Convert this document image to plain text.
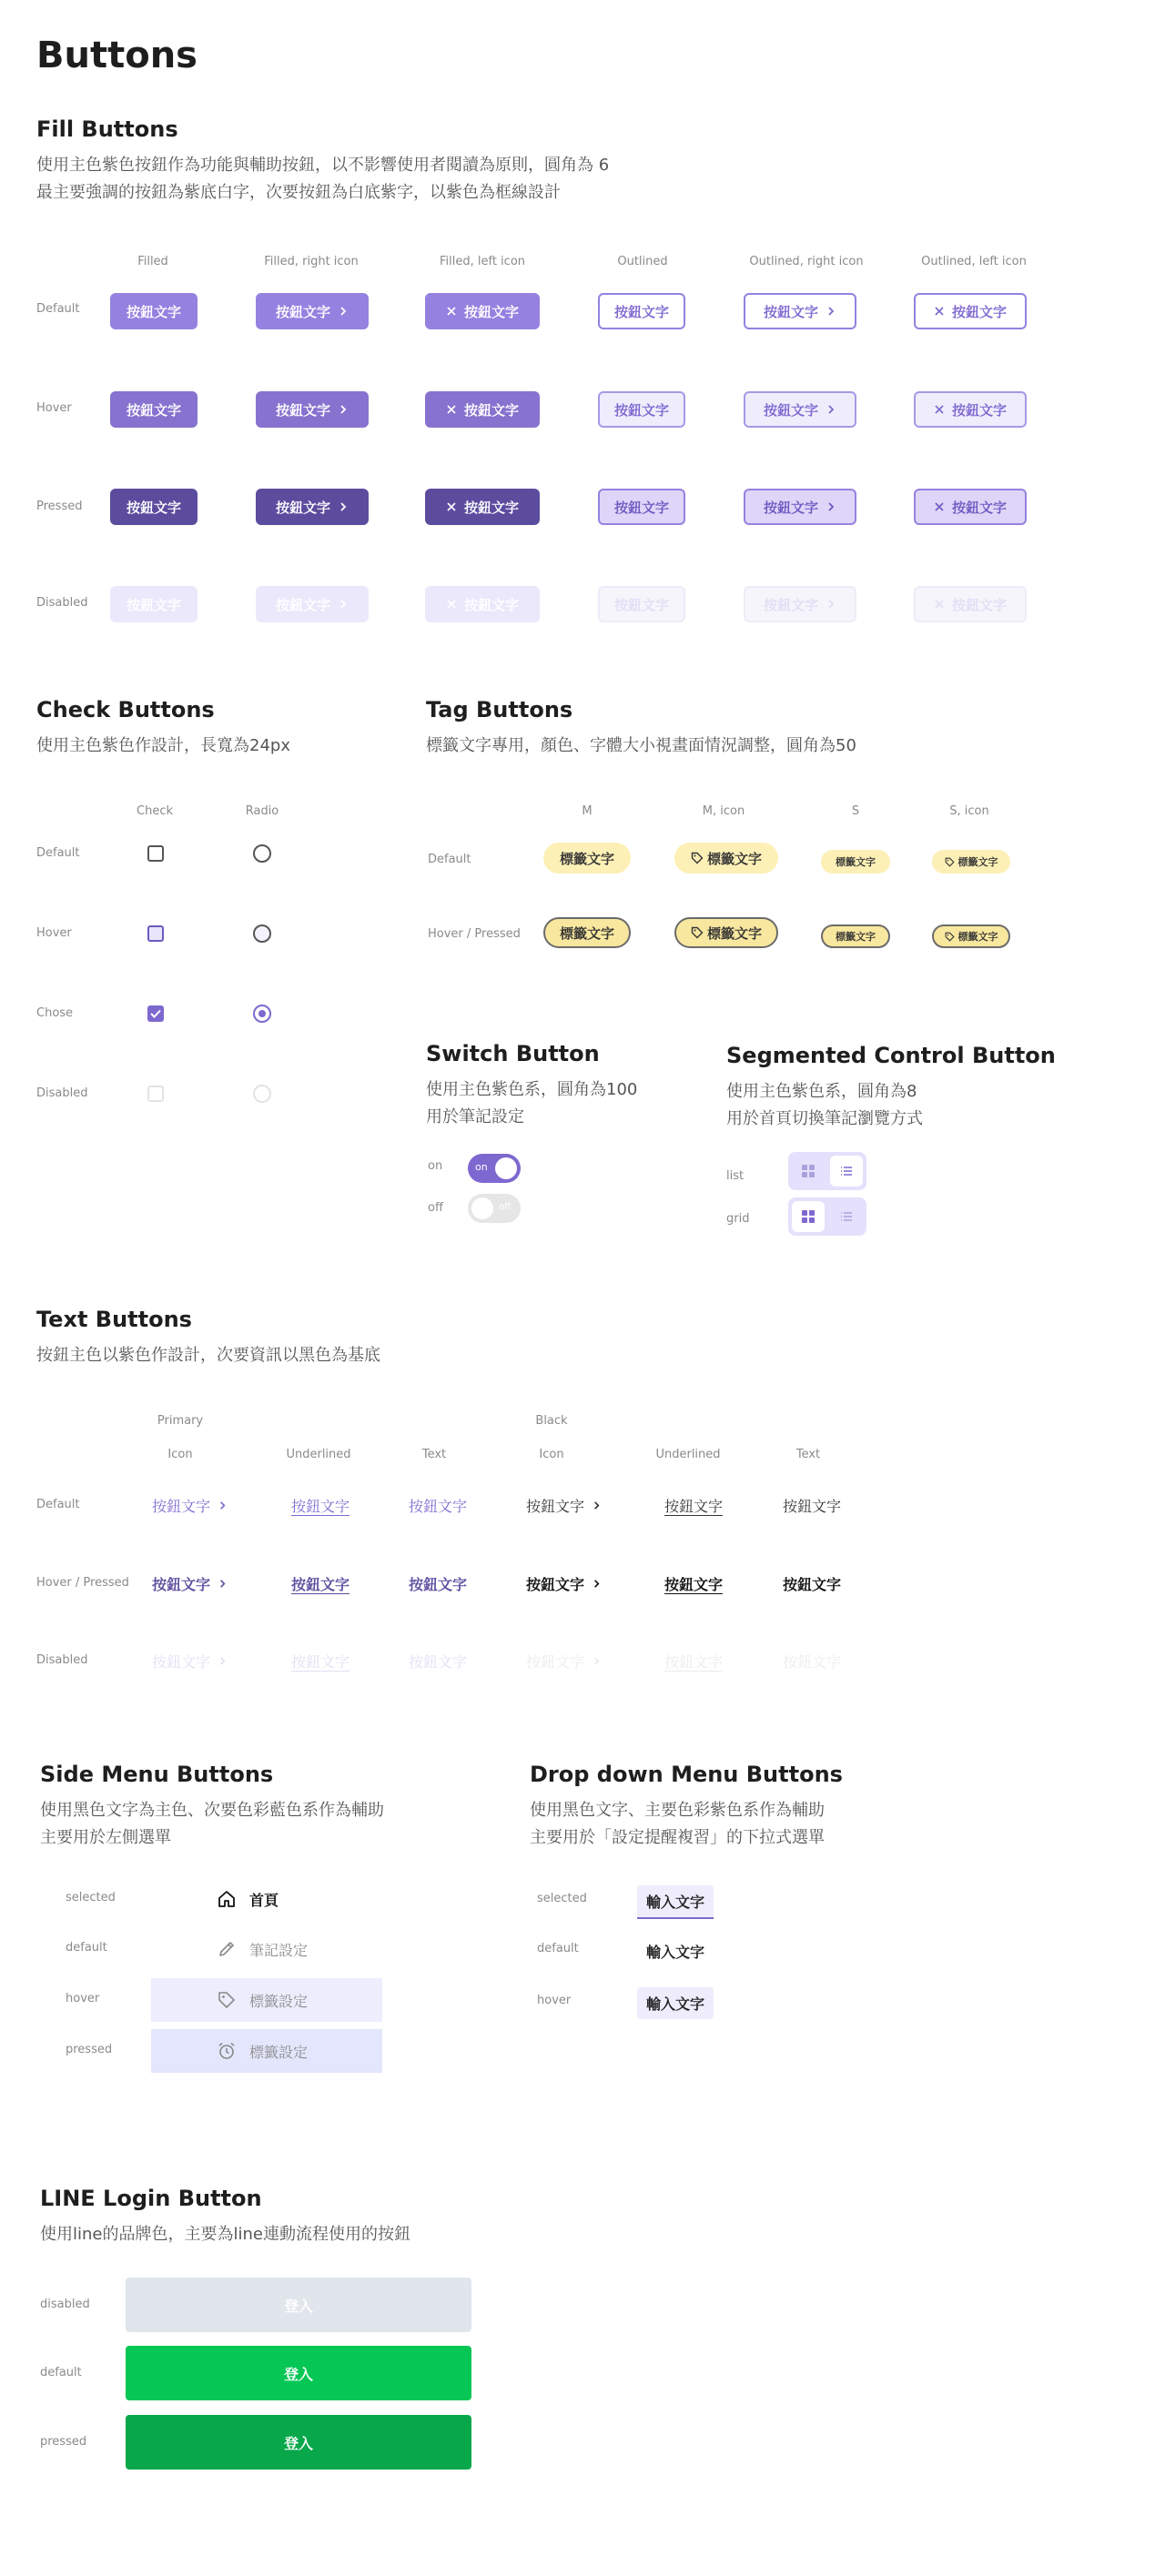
Buttons
Fill Buttons
使用主色紫色按鈕作為功能與輔助按鈕，以不影響使用者閱讀為原則，圓角為 6
最主要強調的按鈕為紫底白字，次要按鈕為白底紫字，以紫色為框線設計
Filled	Filled, right icon	Filled, left icon	Outlined	Outlined, right icon	Outlined, left icon
Default	按鈕文字	按鈕文字	按鈕文字	按鈕文字	按鈕文字	按鈕文字
Hover	按鈕文字	按鈕文字	按鈕文字	按鈕文字	按鈕文字	按鈕文字
Pressed	按鈕文字	按鈕文字	按鈕文字	按鈕文字	按鈕文字	按鈕文字
Disabled	按鈕文字	按鈕文字	按鈕文字	按鈕文字	按鈕文字	按鈕文字
Check Buttons
使用主色紫色作設計，長寬為24px
Check	Radio
Default
Hover
Chose
Disabled
Tag Buttons
標籤文字專用，顏色、字體大小視畫面情況調整，圓角為50
M	M, icon	S	S, icon
Default	標籤文字	標籤文字	標籤文字	標籤文字
Hover / Pressed	標籤文字	標籤文字	標籤文字	標籤文字
Switch Button
使用主色紫色系，圓角為100
用於筆記設定
on	on
off	off
Segmented Control Button
使用主色紫色系，圓角為8
用於首頁切換筆記瀏覽方式
list
grid
Text Buttons
按鈕主色以紫色作設計，次要資訊以黑色為基底
Primary	Black
Icon	Underlined	Text	Icon	Underlined	Text
Default	按鈕文字	按鈕文字	按鈕文字	按鈕文字	按鈕文字	按鈕文字
Hover / Pressed 按鈕文字	按鈕文字	按鈕文字	按鈕文字	按鈕文字	按鈕文字
Disabled	按鈕文字	按鈕文字	按鈕文字	按鈕文字	按鈕文字	按鈕文字
Side Menu Buttons
使用黑色文字為主色、次要色彩藍色系作為輔助
主要用於左側選單
selected	首頁
default	筆記設定
hover	標籤設定
pressed	標籤設定
Drop down Menu Buttons
使用黑色文字、主要色彩紫色系作為輔助
主要用於「設定提醒複習」的下拉式選單
selected	輸入文字
default	輸入文字
hover	輸入文字
LINE Login Button
使用line的品牌色，主要為line連動流程使用的按鈕
disabled	登入
default	登入
pressed	登入
